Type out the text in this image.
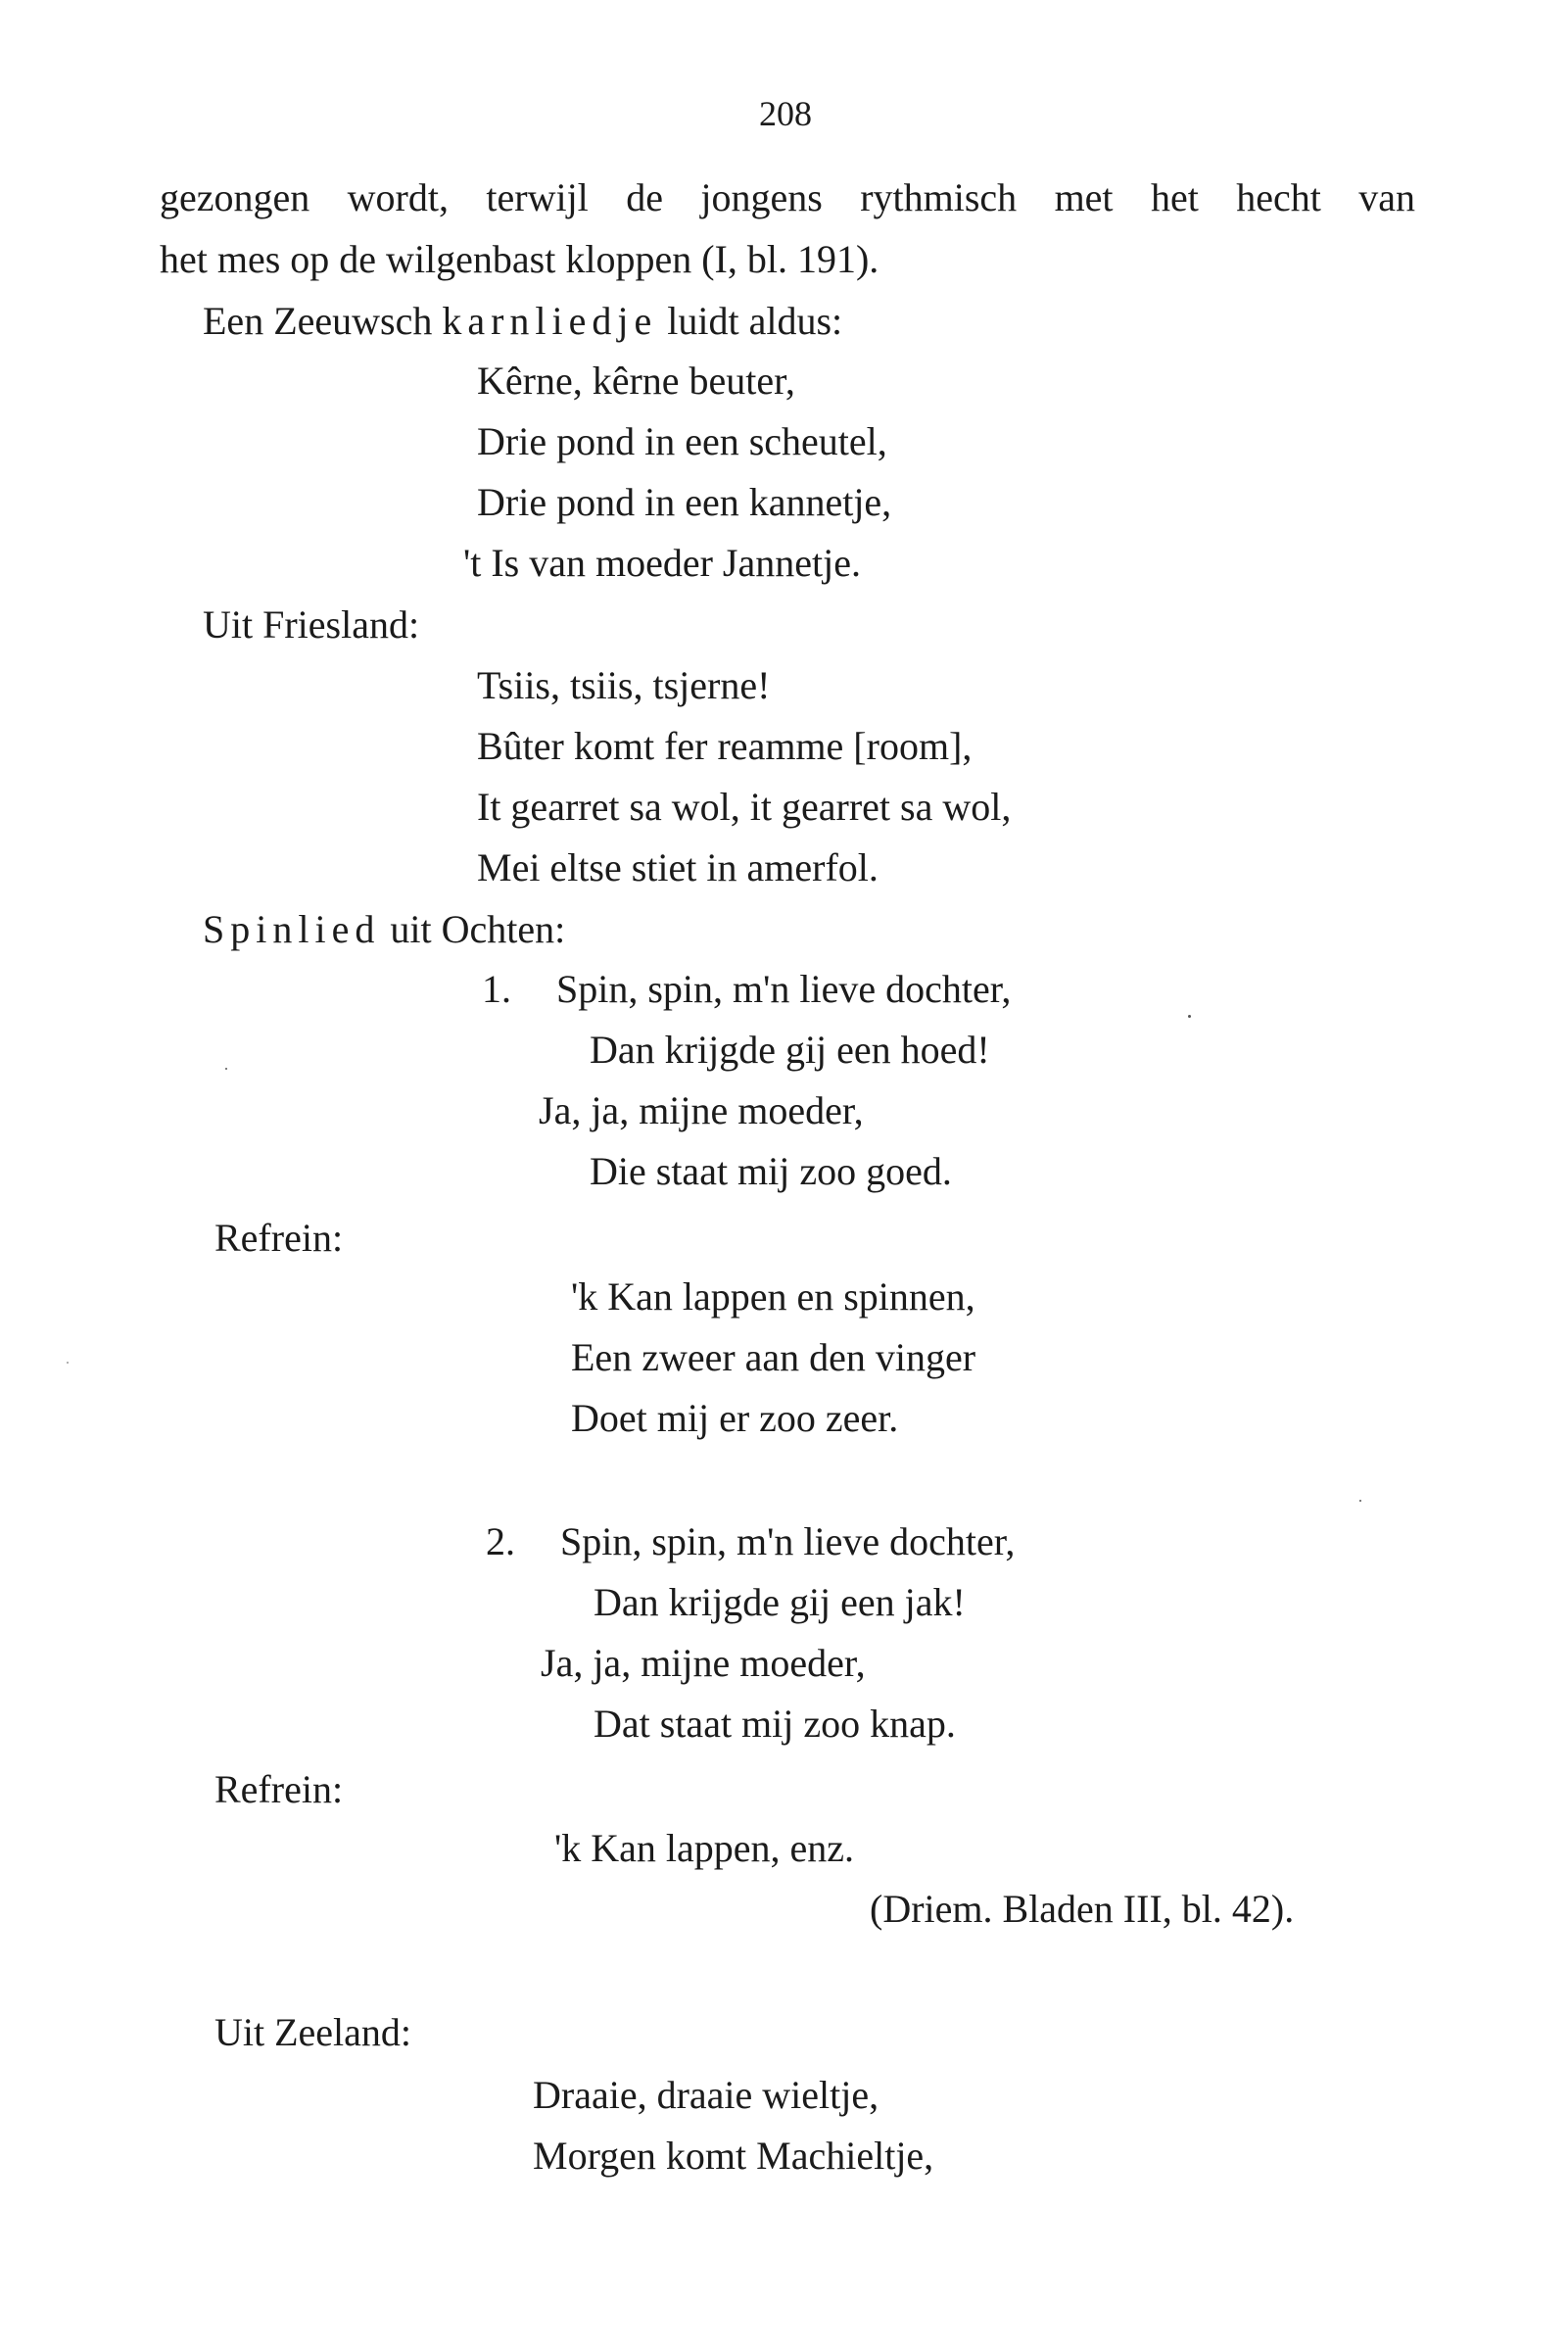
208
gezongen wordt, terwijl de jongens rythmisch met het hecht van
het mes op de wilgenbast kloppen (I, bl. 191).
Een Zeeuwsch karnliedje luidt aldus:
Kêrne, kêrne beuter,
Drie pond in een scheutel,
Drie pond in een kannetje,
't Is van moeder Jannetje.
Uit Friesland:
Tsiis, tsiis, tsjerne!
Bûter komt fer reamme [room],
It gearret sa wol, it gearret sa wol,
Mei eltse stiet in amerfol.
Spinlied uit Ochten:
1. Spin, spin, m'n lieve dochter,
Dan krijgde gij een hoed!
Ja, ja, mijne moeder,
Die staat mij zoo goed.
Refrein:
'k Kan lappen en spinnen,
Een zweer aan den vinger
Doet mij er zoo zeer.
2. Spin, spin, m'n lieve dochter,
Dan krijgde gij een jak!
Ja, ja, mijne moeder,
Dat staat mij zoo knap.
Refrein:
'k Kan lappen, enz.
(Driem. Bladen III, bl. 42).
Uit Zeeland:
Draaie, draaie wieltje,
Morgen komt Machieltje,
